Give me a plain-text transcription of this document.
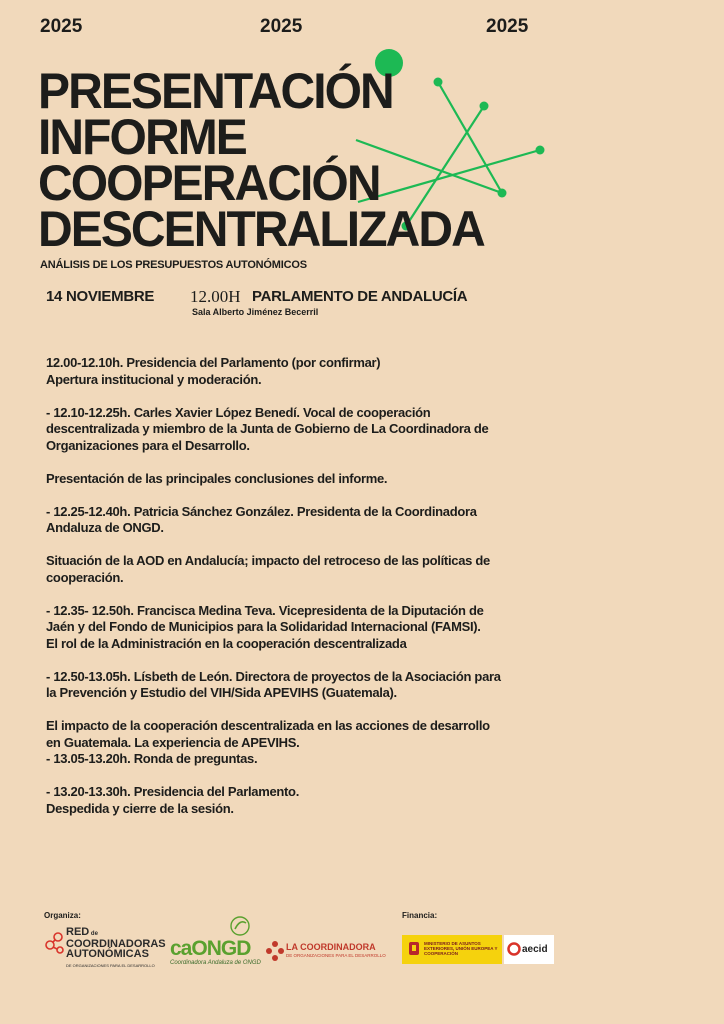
2025	2025	2025
PRESENTACIÓN
INFORME
COOPERACIÓN
DESCENTRALIZADA
ANÁLISIS DE LOS PRESUPUESTOS AUTONÓMICOS
14 NOVIEMBRE 12.00H PARLAMENTO DE ANDALUCÍA
Sala Alberto Jiménez Becerril

12.00-12.10h. Presidencia del Parlamento (por confirmar)
Apertura institucional y moderación.

- 12.10-12.25h. Carles Xavier López Benedí. Vocal de cooperación
descentralizada y miembro de la Junta de Gobierno de La Coordinadora de
Organizaciones para el Desarrollo.

Presentación de las principales conclusiones del informe.

- 12.25-12.40h. Patricia Sánchez González. Presidenta de la Coordinadora
Andaluza de ONGD.

Situación de la AOD en Andalucía; impacto del retroceso de las políticas de
cooperación.

- 12.35- 12.50h. Francisca Medina Teva. Vicepresidenta de la Diputación de
Jaén y del Fondo de Municipios para la Solidaridad Internacional (FAMSI).
El rol de la Administración en la cooperación descentralizada

- 12.50-13.05h. Lísbeth de León. Directora de proyectos de la Asociación para
la Prevención y Estudio del VIH/Sida APEVIHS (Guatemala).

El impacto de la cooperación descentralizada en las acciones de desarrollo
en Guatemala. La experiencia de APEVIHS.
- 13.05-13.20h. Ronda de preguntas.

- 13.20-13.30h. Presidencia del Parlamento.
Despedida y cierre de la sesión.

Organiza:	Financia:
RED de
COORDINADORAS
AUTONÓMICAS
DE ORGANIZACIONES PARA EL DESARROLLO
caONGD
Coordinadora Andaluza de ONGD
LA COORDINADORA
DE ORGANIZACIONES PARA EL DESARROLLO
MINISTERIO DE ASUNTOS EXTERIORES, UNIÓN EUROPEA Y COOPERACIÓN	aecid
